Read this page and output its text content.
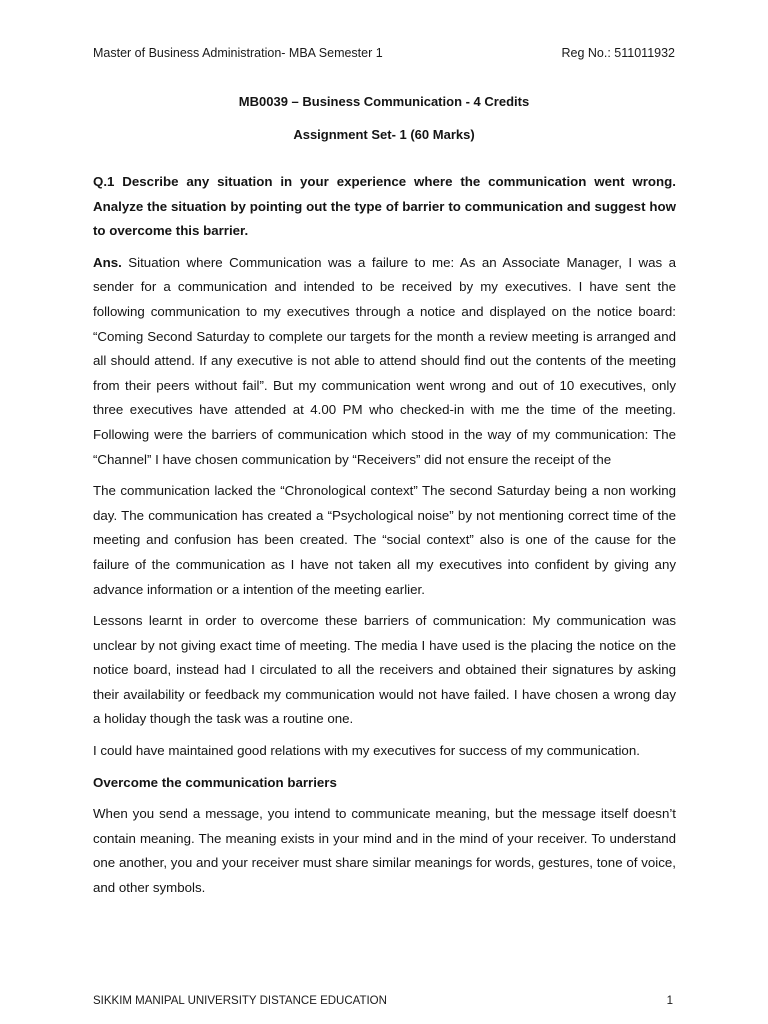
Master of Business Administration- MBA Semester 1	Reg No.: 511011932
MB0039 – Business Communication - 4 Credits
Assignment Set- 1 (60 Marks)

Q.1 Describe any situation in your experience where the communication went wrong. Analyze the situation by pointing out the type of barrier to communication and suggest how to overcome this barrier.

Ans. Situation where Communication was a failure to me: As an Associate Manager, I was a sender for a communication and intended to be received by my executives. I have sent the following communication to my executives through a notice and displayed on the notice board: “Coming Second Saturday to complete our targets for the month a review meeting is arranged and all should attend. If any executive is not able to attend should find out the contents of the meeting from their peers without fail”. But my communication went wrong and out of 10 executives, only three executives have attended at 4.00 PM who checked-in with me the time of the meeting. Following were the barriers of communication which stood in the way of my communication: The “Channel” I have chosen communication by “Receivers” did not ensure the receipt of the

The communication lacked the “Chronological context” The second Saturday being a non working day. The communication has created a “Psychological noise” by not mentioning correct time of the meeting and confusion has been created. The “social context” also is one of the cause for the failure of the communication as I have not taken all my executives into confident by giving any advance information or a intention of the meeting earlier.

Lessons learnt in order to overcome these barriers of communication: My communication was unclear by not giving exact time of meeting. The media I have used is the placing the notice on the notice board, instead had I circulated to all the receivers and obtained their signatures by asking their availability or feedback my communication would not have failed. I have chosen a wrong day a holiday though the task was a routine one.

I could have maintained good relations with my executives for success of my communication.

Overcome the communication barriers

When you send a message, you intend to communicate meaning, but the message itself doesn’t contain meaning. The meaning exists in your mind and in the mind of your receiver. To understand one another, you and your receiver must share similar meanings for words, gestures, tone of voice, and other symbols.

SIKKIM MANIPAL UNIVERSITY DISTANCE EDUCATION	1
